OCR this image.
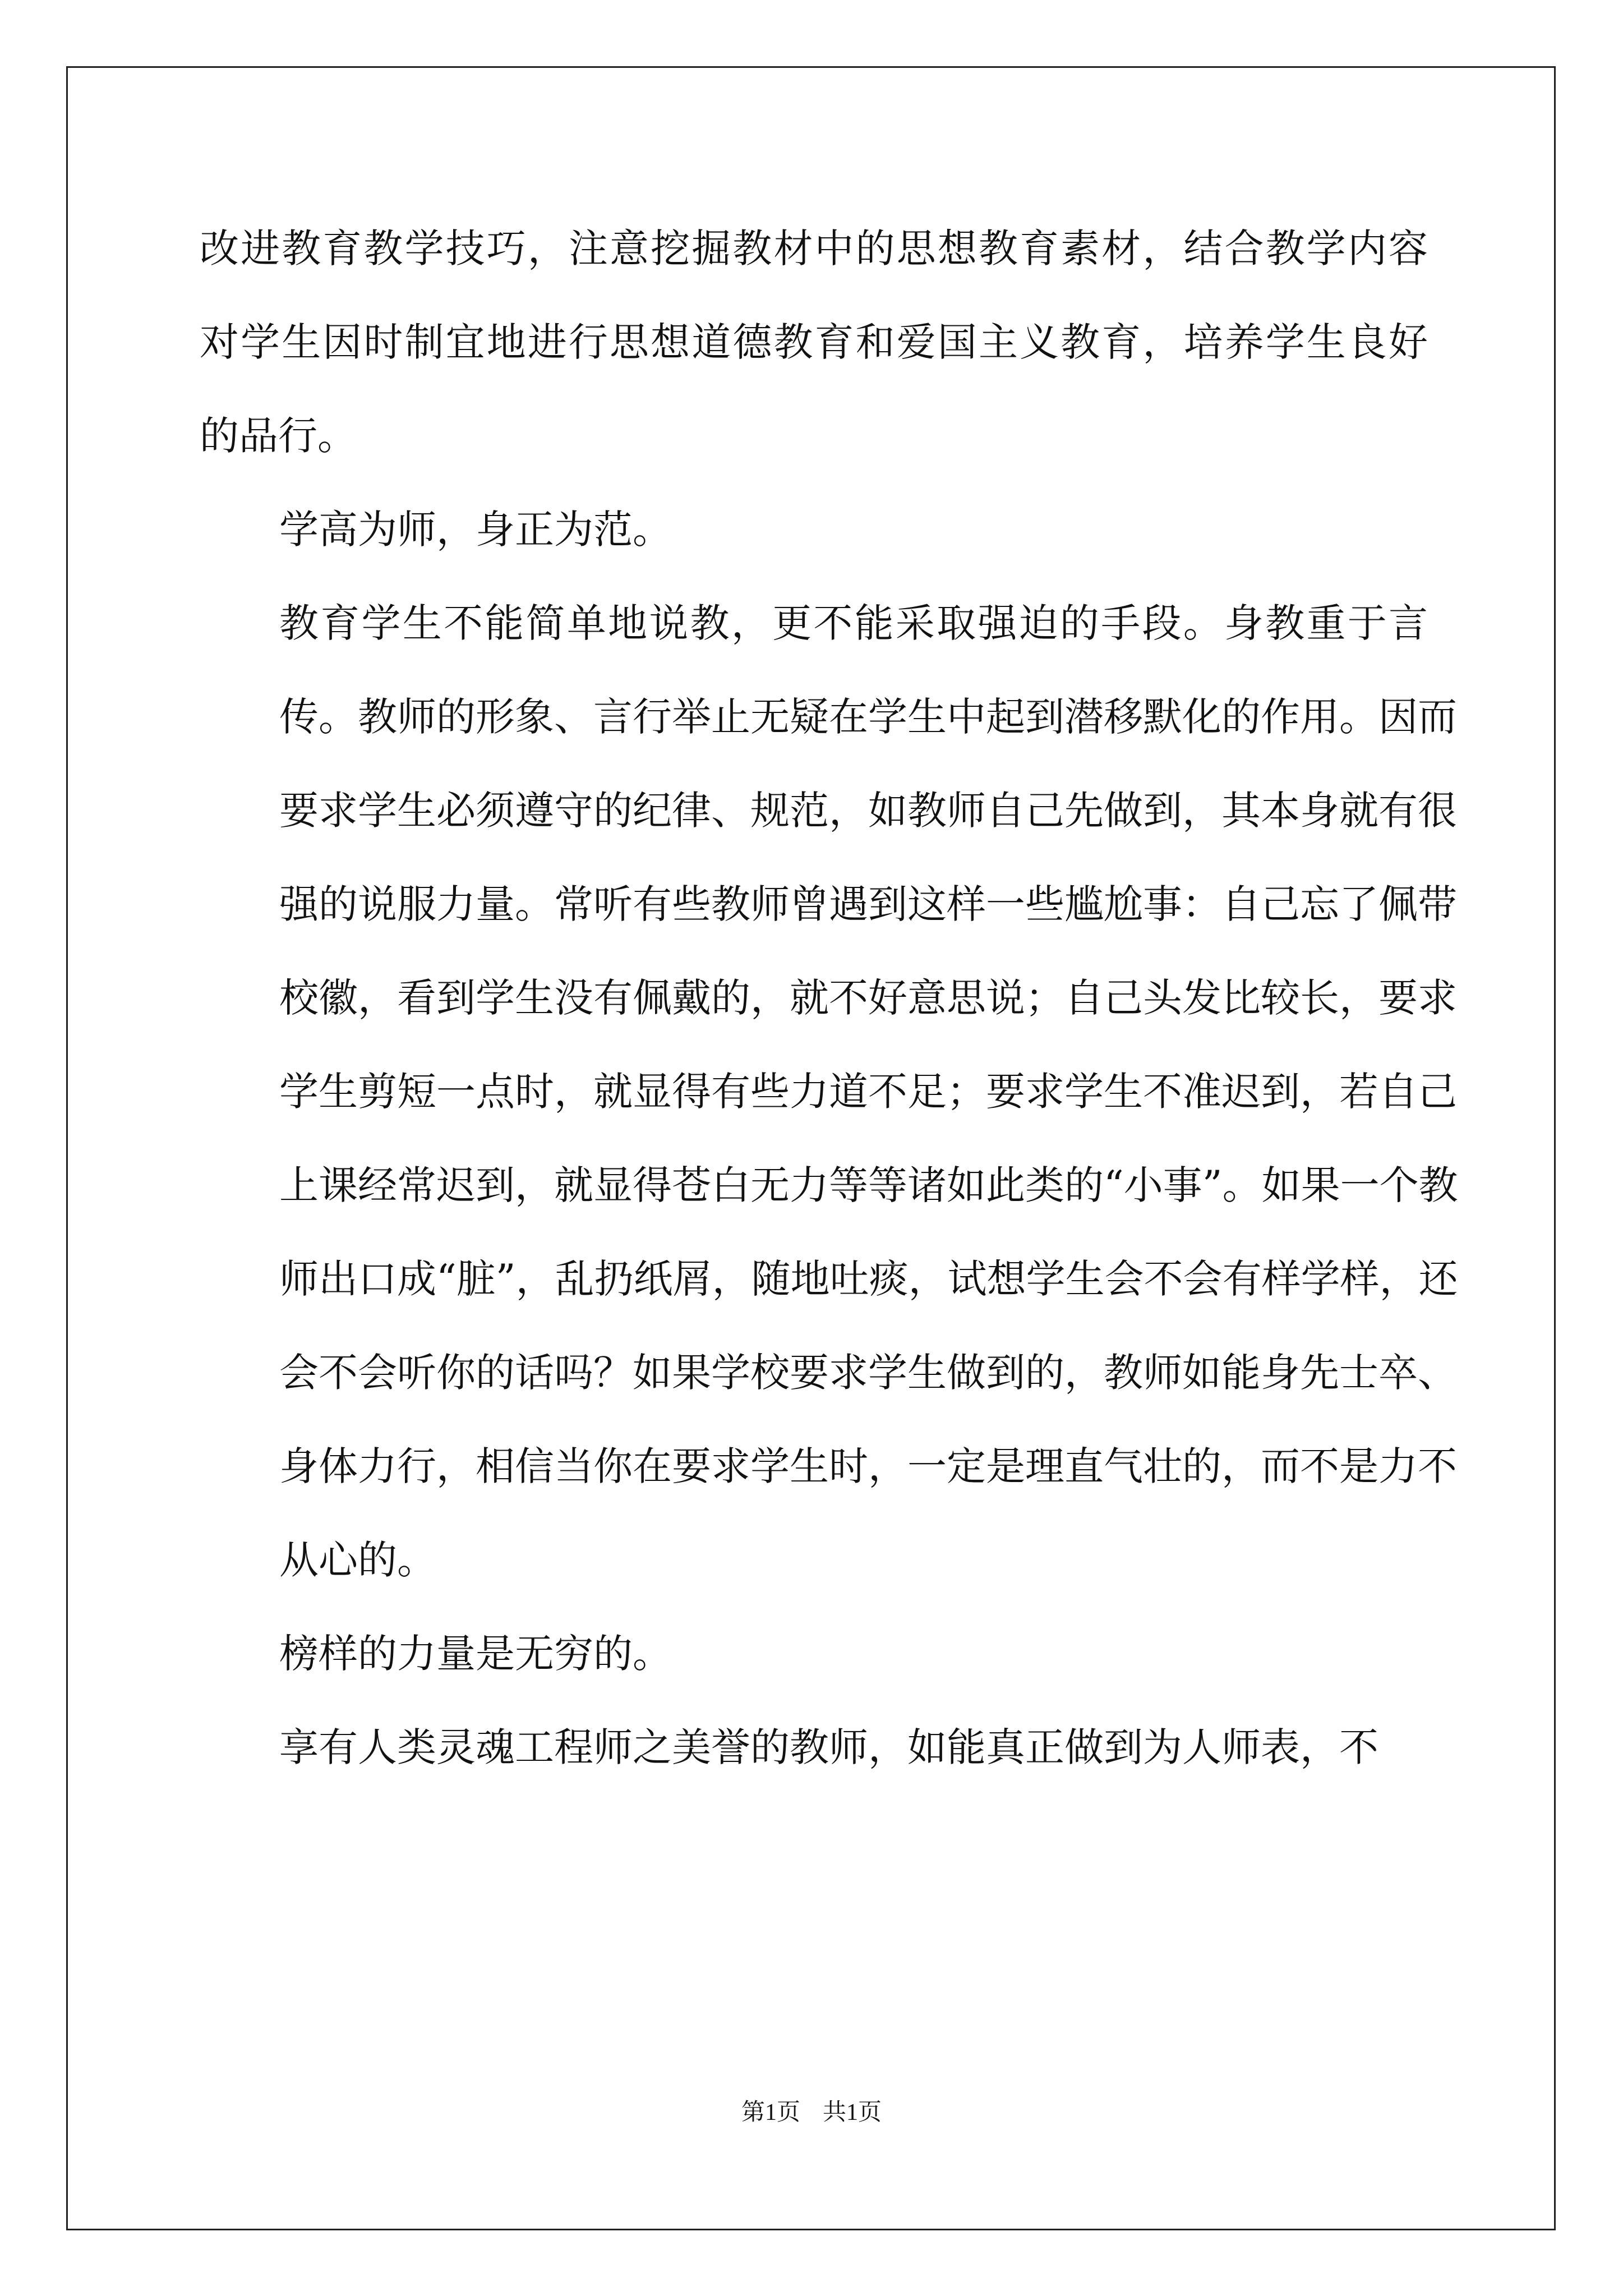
改进教育教学技巧，注意挖掘教材中的思想教育素材，结合教学内容
对学生因时制宜地进行思想道德教育和爱国主义教育，培养学生良好
的品行。

学高为师，身正为范。

教育学生不能简单地说教，更不能采取强迫的手段。身教重于言
传。教师的形象、言行举止无疑在学生中起到潜移默化的作用。因而
要求学生必须遵守的纪律、规范，如教师自己先做到，其本身就有很
强的说服力量。常听有些教师曾遇到这样一些尴尬事：自己忘了佩带
校徽，看到学生没有佩戴的，就不好意思说；自己头发比较长，要求
学生剪短一点时，就显得有些力道不足；要求学生不准迟到，若自己
上课经常迟到，就显得苍白无力等等诸如此类的“小事”。如果一个教
师出口成“脏”，乱扔纸屑，随地吐痰，试想学生会不会有样学样，还
会不会听你的话吗？如果学校要求学生做到的，教师如能身先士卒、
身体力行，相信当你在要求学生时，一定是理直气壮的，而不是力不
从心的。

榜样的力量是无穷的。

享有人类灵魂工程师之美誉的教师，如能真正做到为人师表，不

第1页 共1页
